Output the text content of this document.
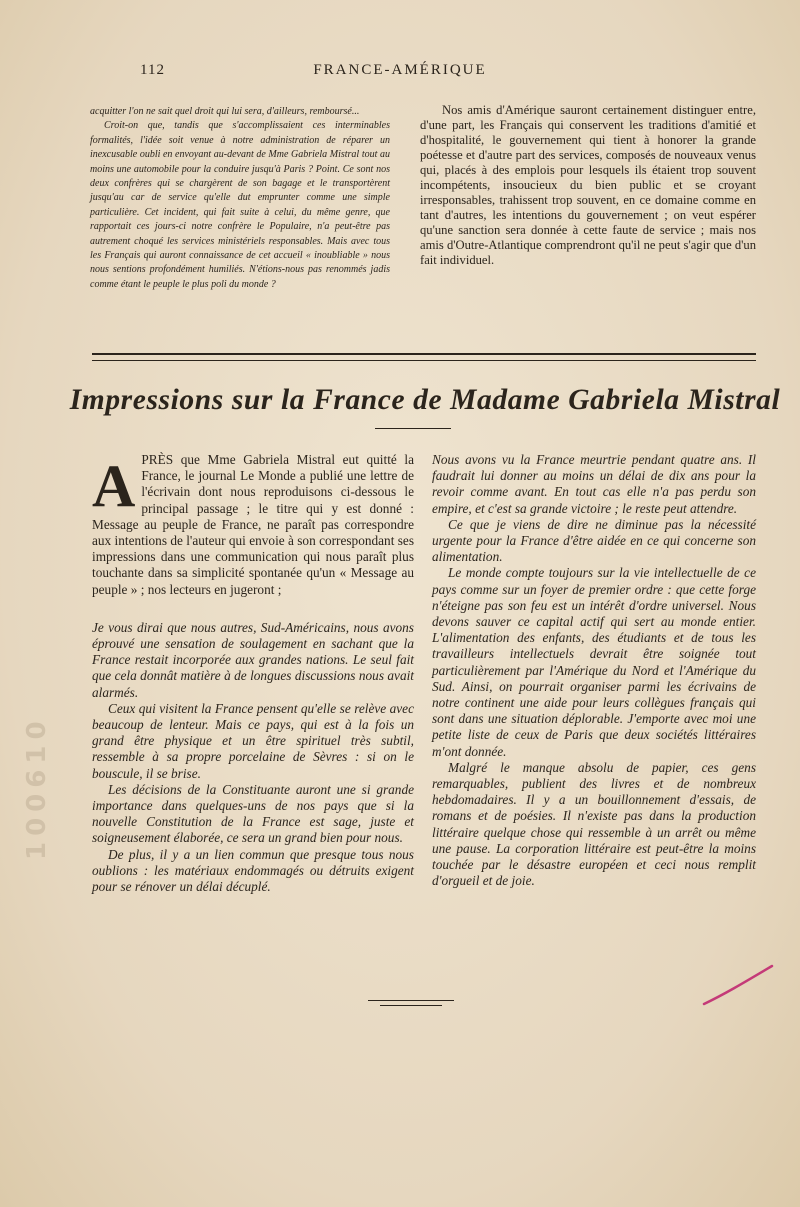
112	FRANCE-AMÉRIQUE

acquitter l'on ne sait quel droit qui lui sera, d'ailleurs, remboursé...

Croit-on que, tandis que s'accomplissaient ces interminables formalités, l'idée soit venue à notre administration de réparer un inexcusable oubli en envoyant au-devant de Mme Gabriela Mistral tout au moins une automobile pour la conduire jusqu'à Paris ? Point. Ce sont nos deux confrères qui se chargèrent de son bagage et le transportèrent jusqu'au car de service qu'elle dut emprunter comme une simple particulière. Cet incident, qui fait suite à celui, du même genre, que rapportait ces jours-ci notre confrère le Populaire, n'a peut-être pas autrement choqué les services ministériels responsables. Mais avec tous les Français qui auront connaissance de cet accueil « inoubliable » nous nous sentions profondément humiliés. N'étions-nous pas renommés jadis comme étant le peuple le plus poli du monde ?

Nos amis d'Amérique sauront certainement distinguer entre, d'une part, les Français qui conservent les traditions d'amitié et d'hospitalité, le gouvernement qui tient à honorer la grande poétesse et d'autre part des services, composés de nouveaux venus qui, placés à des emplois pour lesquels ils étaient trop souvent incompétents, insoucieux du bien public et se croyant irresponsables, trahissent trop souvent, en ce domaine comme en tant d'autres, les intentions du gouvernement ; on veut espérer qu'une sanction sera donnée à cette faute de service ; mais nos amis d'Outre-Atlantique comprendront qu'il ne peut s'agir que d'un fait individuel.

Impressions sur la France de Madame Gabriela Mistral

APRÈS que Mme Gabriela Mistral eut quitté la France, le journal Le Monde a publié une lettre de l'écrivain dont nous reproduisons ci-dessous le principal passage ; le titre qui y est donné : Message au peuple de France, ne paraît pas correspondre aux intentions de l'auteur qui envoie à son correspondant ses impressions dans une communication qui nous paraît plus touchante dans sa simplicité spontanée qu'un « Message au peuple » ; nos lecteurs en jugeront ;

Je vous dirai que nous autres, Sud-Américains, nous avons éprouvé une sensation de soulagement en sachant que la France restait incorporée aux grandes nations. Le seul fait que cela donnât matière à de longues discussions nous avait alarmés.

Ceux qui visitent la France pensent qu'elle se relève avec beaucoup de lenteur. Mais ce pays, qui est à la fois un grand être physique et un être spirituel très subtil, ressemble à sa propre porcelaine de Sèvres : si on le bouscule, il se brise.

Les décisions de la Constituante auront une si grande importance dans quelques-uns de nos pays que si la nouvelle Constitution de la France est sage, juste et soigneusement élaborée, ce sera un grand bien pour nous.

De plus, il y a un lien commun que presque tous nous oublions : les matériaux endommagés ou détruits exigent pour se rénover un délai décuplé.

Nous avons vu la France meurtrie pendant quatre ans. Il faudrait lui donner au moins un délai de dix ans pour la revoir comme avant. En tout cas elle n'a pas perdu son empire, et c'est sa grande victoire ; le reste peut attendre.

Ce que je viens de dire ne diminue pas la nécessité urgente pour la France d'être aidée en ce qui concerne son alimentation.

Le monde compte toujours sur la vie intellectuelle de ce pays comme sur un foyer de premier ordre : que cette forge n'éteigne pas son feu est un intérêt d'ordre universel. Nous devons sauver ce capital actif qui sert au monde entier. L'alimentation des enfants, des étudiants et de tous les travailleurs intellectuels devrait être soignée tout particulièrement par l'Amérique du Nord et l'Amérique du Sud. Ainsi, on pourrait organiser parmi les écrivains de notre continent une aide pour leurs collègues français qui sont dans une situation déplorable. J'emporte avec moi une petite liste de ceux de Paris que deux sociétés littéraires m'ont donnée.

Malgré le manque absolu de papier, ces gens remarquables, publient des livres et de nombreux hebdomadaires. Il y a un bouillonnement d'essais, de romans et de poésies. Il n'existe pas dans la production littéraire quelque chose qui ressemble à un arrêt ou même une pause. La corporation littéraire est peut-être la moins touchée par le désastre européen et ceci nous remplit d'orgueil et de joie.

100610
